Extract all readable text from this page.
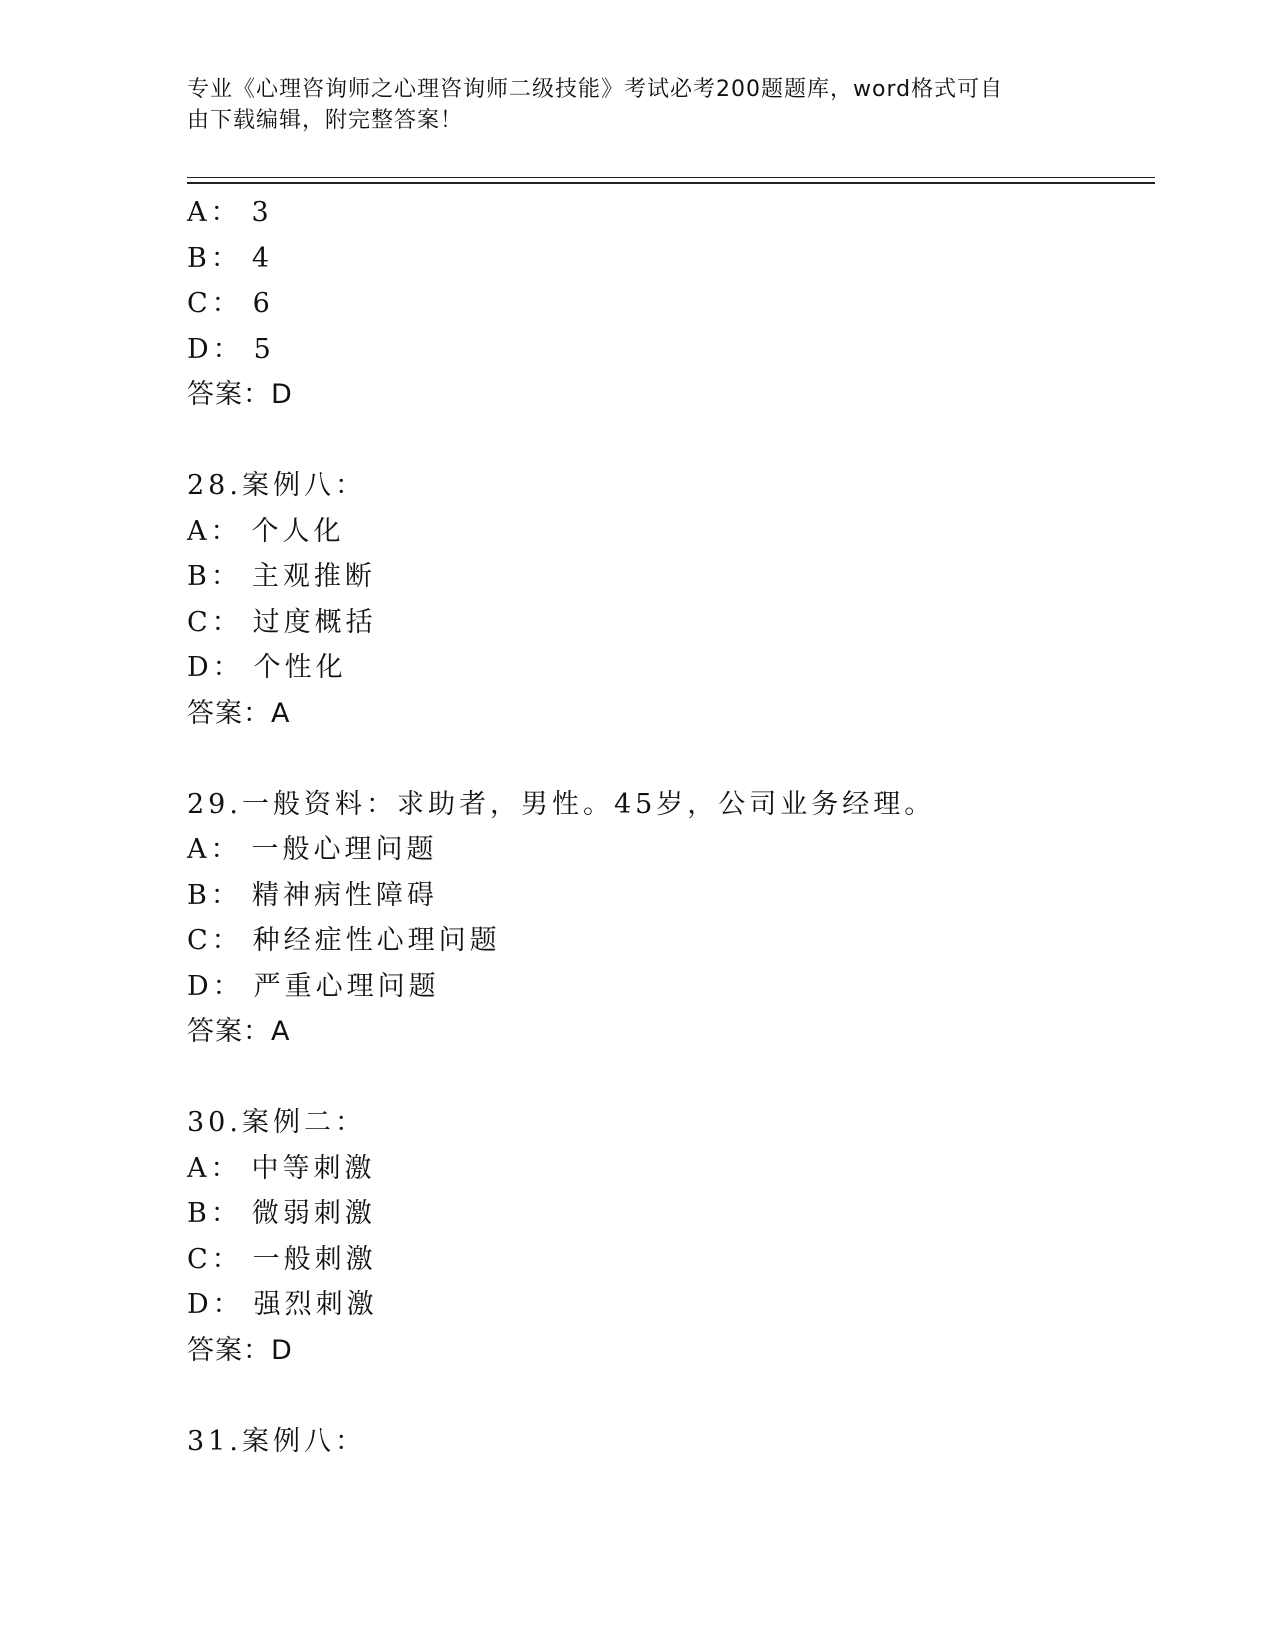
专业《心理咨询师之心理咨询师二级技能》考试必考200题题库，word格式可自
由下载编辑，附完整答案！
A： 3
B： 4
C： 6
D： 5
答案：D
28.案例八：
A： 个人化
B： 主观推断
C： 过度概括
D： 个性化
答案：A
29.一般资料：求助者，男性。45岁，公司业务经理。
A： 一般心理问题
B： 精神病性障碍
C： 种经症性心理问题
D： 严重心理问题
答案：A
30.案例二：
A： 中等刺激
B： 微弱刺激
C： 一般刺激
D： 强烈刺激
答案：D
31.案例八：
